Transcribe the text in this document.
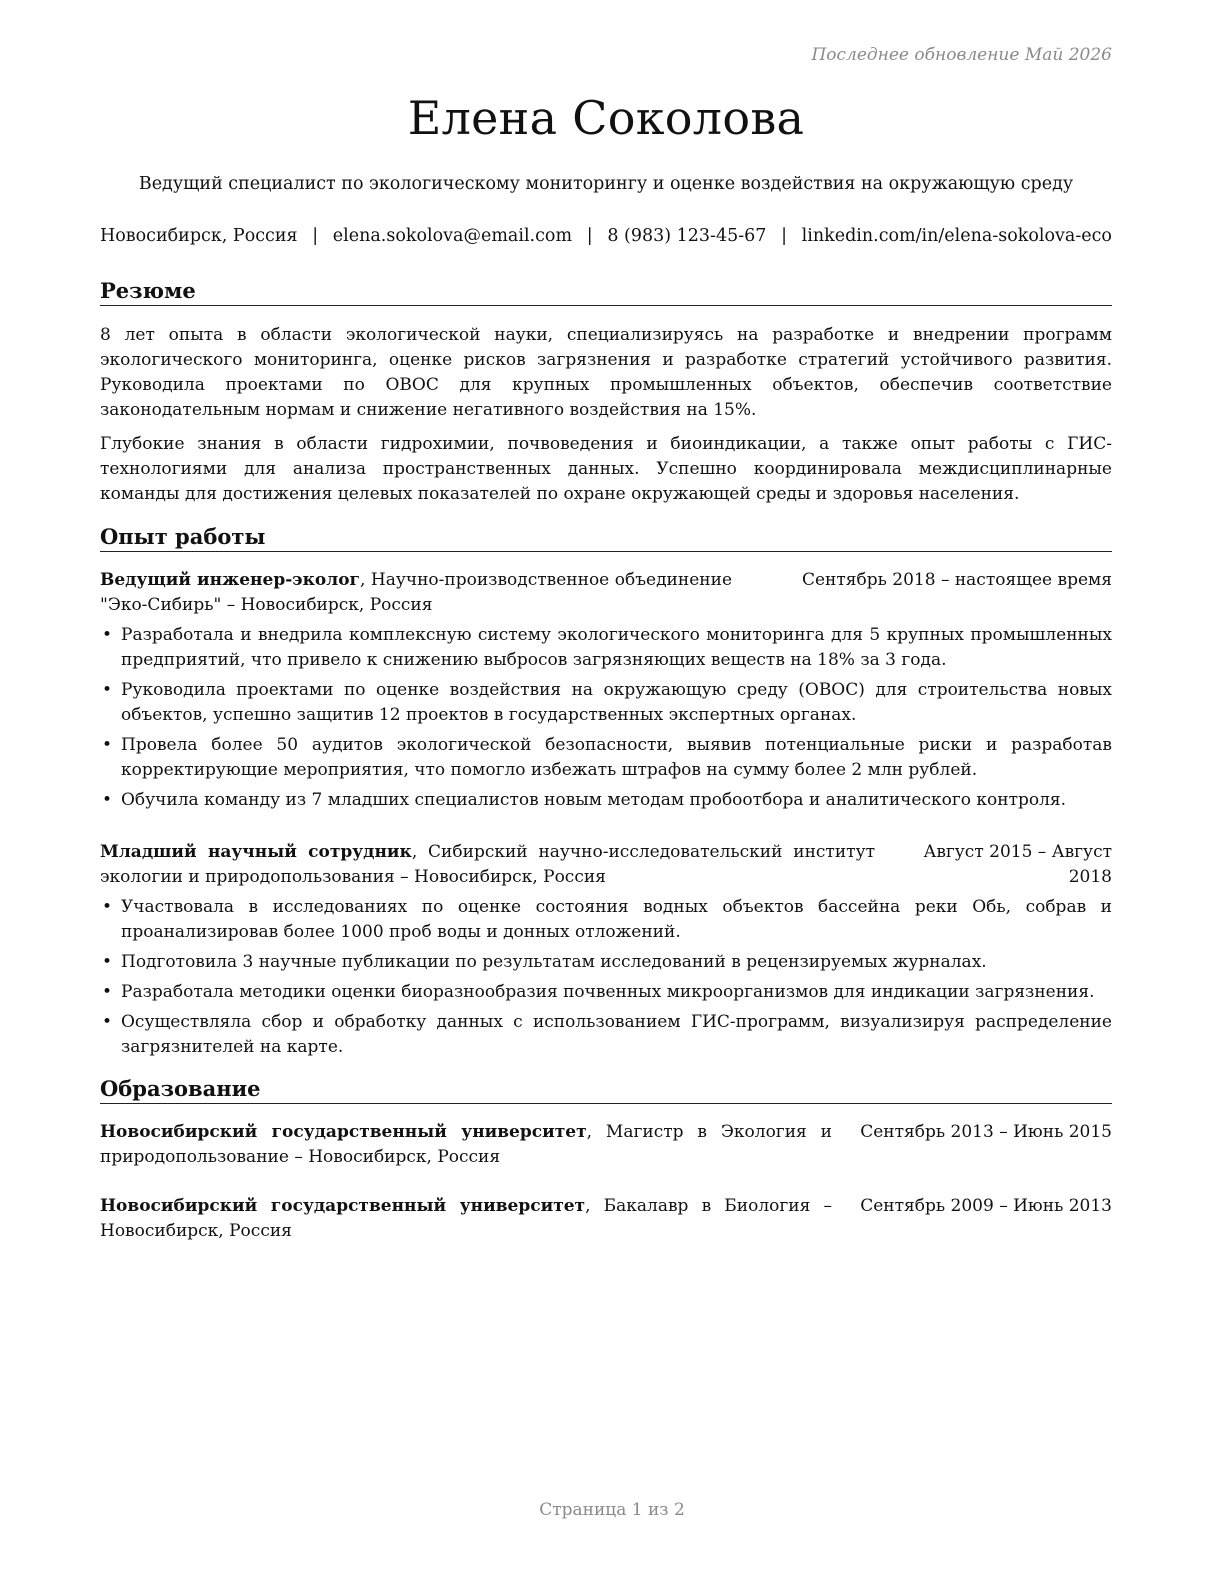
Последнее обновление Май 2026
Елена Соколова
Ведущий специалист по экологическому мониторингу и оценке воздействия на окружающую среду
Новосибирск, Россия | elena.sokolova@email.com | 8 (983) 123-45-67 | linkedin.com/in/elena-sokolova-eco
Резюме

8 лет опыта в области экологической науки, специализируясь на разработке и внедрении программ экологического мониторинга, оценке рисков загрязнения и разработке стратегий устойчивого развития. Руководила проектами по ОВОС для крупных промышленных объектов, обеспечив соответствие законодательным нормам и снижение негативного воздействия на 15%.

Глубокие знания в области гидрохимии, почвоведения и биоиндикации, а также опыт работы с ГИС-технологиями для анализа пространственных данных. Успешно координировала междисциплинарные команды для достижения целевых показателей по охране окружающей среды и здоровья населения.

Опыт работы
Ведущий инженер-эколог, Научно-производственное объединение "Эко-Сибирь" – Новосибирск, Россия
Сентябрь 2018 – настоящее время
• Разработала и внедрила комплексную систему экологического мониторинга для 5 крупных промышленных предприятий, что привело к снижению выбросов загрязняющих веществ на 18% за 3 года.
• Руководила проектами по оценке воздействия на окружающую среду (ОВОС) для строительства новых объектов, успешно защитив 12 проектов в государственных экспертных органах.
• Провела более 50 аудитов экологической безопасности, выявив потенциальные риски и разработав корректирующие мероприятия, что помогло избежать штрафов на сумму более 2 млн рублей.
• Обучила команду из 7 младших специалистов новым методам пробоотбора и аналитического контроля.
Младший научный сотрудник, Сибирский научно-исследовательский институт экологии и природопользования – Новосибирск, Россия
Август 2015 – Август 2018
• Участвовала в исследованиях по оценке состояния водных объектов бассейна реки Обь, собрав и проанализировав более 1000 проб воды и донных отложений.
• Подготовила 3 научные публикации по результатам исследований в рецензируемых журналах.
• Разработала методики оценки биоразнообразия почвенных микроорганизмов для индикации загрязнения.
• Осуществляла сбор и обработку данных с использованием ГИС-программ, визуализируя распределение загрязнителей на карте.
Образование
Новосибирский государственный университет, Магистр в Экология и природопользование – Новосибирск, Россия
Сентябрь 2013 – Июнь 2015
Новосибирский государственный университет, Бакалавр в Биология – Новосибирск, Россия
Сентябрь 2009 – Июнь 2013
Страница 1 из 2
